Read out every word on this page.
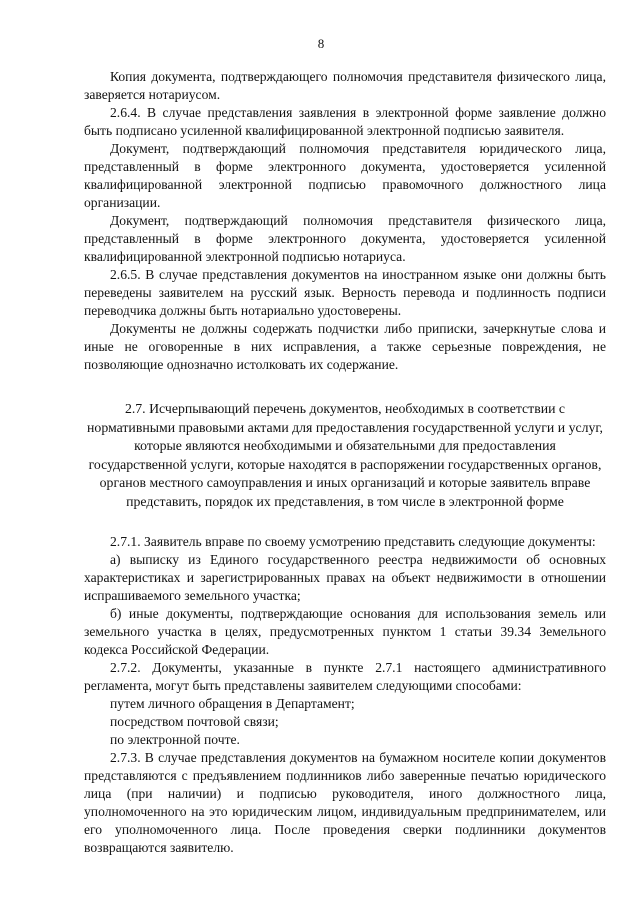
8

Копия документа, подтверждающего полномочия представителя физического лица, заверяется нотариусом.

2.6.4. В случае представления заявления в электронной форме заявление должно быть подписано усиленной квалифицированной электронной подписью заявителя.

Документ, подтверждающий полномочия представителя юридического лица, представленный в форме электронного документа, удостоверяется усиленной квалифицированной электронной подписью правомочного должностного лица организации.

Документ, подтверждающий полномочия представителя физического лица, представленный в форме электронного документа, удостоверяется усиленной квалифицированной электронной подписью нотариуса.

2.6.5. В случае представления документов на иностранном языке они должны быть переведены заявителем на русский язык. Верность перевода и подлинность подписи переводчика должны быть нотариально удостоверены.

Документы не должны содержать подчистки либо приписки, зачеркнутые слова и иные не оговоренные в них исправления, а также серьезные повреждения, не позволяющие однозначно истолковать их содержание.

2.7. Исчерпывающий перечень документов, необходимых в соответствии с нормативными правовыми актами для предоставления государственной услуги и услуг, которые являются необходимыми и обязательными для предоставления государственной услуги, которые находятся в распоряжении государственных органов, органов местного самоуправления и иных организаций и которые заявитель вправе представить, порядок их представления, в том числе в электронной форме

2.7.1. Заявитель вправе по своему усмотрению представить следующие документы:

а) выписку из Единого государственного реестра недвижимости об основных характеристиках и зарегистрированных правах на объект недвижимости в отношении испрашиваемого земельного участка;

б) иные документы, подтверждающие основания для использования земель или земельного участка в целях, предусмотренных пунктом 1 статьи 39.34 Земельного кодекса Российской Федерации.

2.7.2. Документы, указанные в пункте 2.7.1 настоящего административного регламента, могут быть представлены заявителем следующими способами:

путем личного обращения в Департамент;

посредством почтовой связи;

по электронной почте.

2.7.3. В случае представления документов на бумажном носителе копии документов представляются с предъявлением подлинников либо заверенные печатью юридического лица (при наличии) и подписью руководителя, иного должностного лица, уполномоченного на это юридическим лицом, индивидуальным предпринимателем, или его уполномоченного лица. После проведения сверки подлинники документов возвращаются заявителю.
